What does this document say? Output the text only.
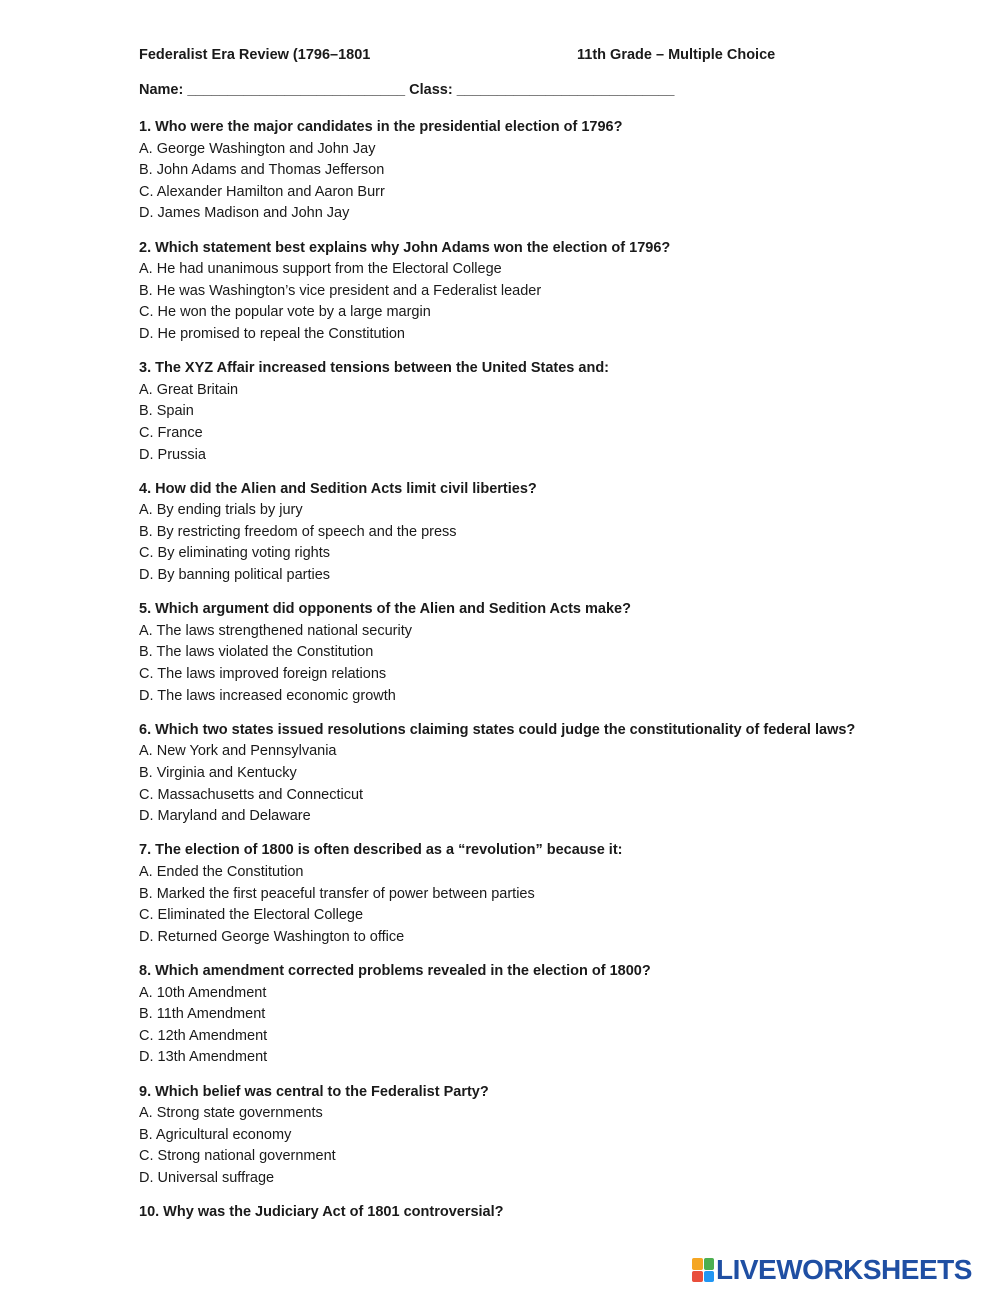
Federalist Era Review (1796–1801	11th Grade – Multiple Choice
Name: ___________________________ Class: ___________________________
1. Who were the major candidates in the presidential election of 1796?
A. George Washington and John Jay
B. John Adams and Thomas Jefferson
C. Alexander Hamilton and Aaron Burr
D. James Madison and John Jay
2. Which statement best explains why John Adams won the election of 1796?
A. He had unanimous support from the Electoral College
B. He was Washington’s vice president and a Federalist leader
C. He won the popular vote by a large margin
D. He promised to repeal the Constitution
3. The XYZ Affair increased tensions between the United States and:
A. Great Britain
B. Spain
C. France
D. Prussia
4. How did the Alien and Sedition Acts limit civil liberties?
A. By ending trials by jury
B. By restricting freedom of speech and the press
C. By eliminating voting rights
D. By banning political parties
5. Which argument did opponents of the Alien and Sedition Acts make?
A. The laws strengthened national security
B. The laws violated the Constitution
C. The laws improved foreign relations
D. The laws increased economic growth
6. Which two states issued resolutions claiming states could judge the constitutionality of federal laws?
A. New York and Pennsylvania
B. Virginia and Kentucky
C. Massachusetts and Connecticut
D. Maryland and Delaware
7. The election of 1800 is often described as a “revolution” because it:
A. Ended the Constitution
B. Marked the first peaceful transfer of power between parties
C. Eliminated the Electoral College
D. Returned George Washington to office
8. Which amendment corrected problems revealed in the election of 1800?
A. 10th Amendment
B. 11th Amendment
C. 12th Amendment
D. 13th Amendment
9. Which belief was central to the Federalist Party?
A. Strong state governments
B. Agricultural economy
C. Strong national government
D. Universal suffrage
10. Why was the Judiciary Act of 1801 controversial?
LIVEWORKSHEETS
